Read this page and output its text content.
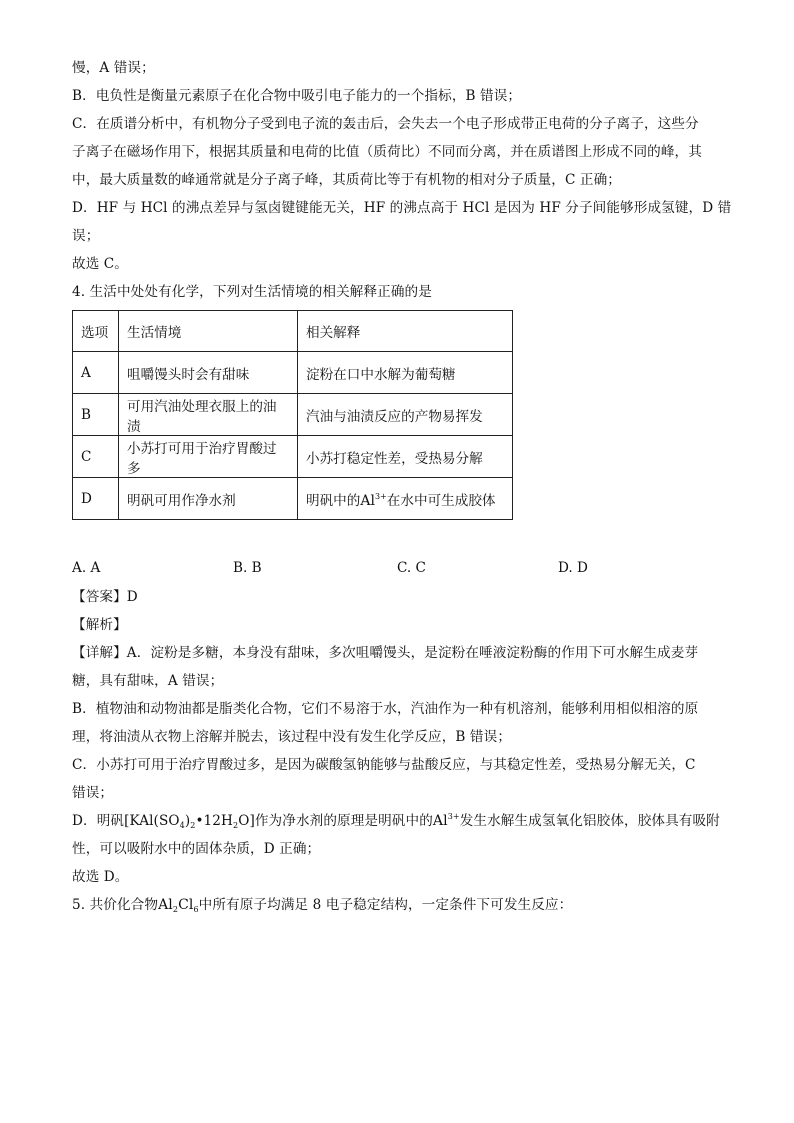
慢，A 错误；
B．电负性是衡量元素原子在化合物中吸引电子能力的一个指标，B 错误；
C．在质谱分析中，有机物分子受到电子流的轰击后，会失去一个电子形成带正电荷的分子离子，这些分
子离子在磁场作用下，根据其质量和电荷的比值（质荷比）不同而分离，并在质谱图上形成不同的峰，其
中，最大质量数的峰通常就是分子离子峰，其质荷比等于有机物的相对分子质量，C 正确；
D．HF 与 HCl 的沸点差异与氢卤键键能无关，HF 的沸点高于 HCl 是因为 HF 分子间能够形成氢键，D 错
误；
故选 C。
4. 生活中处处有化学，下列对生活情境的相关解释正确的是
选项	生活情境	相关解释
A	咀嚼馒头时会有甜味	淀粉在口中水解为葡萄糖
B	可用汽油处理衣服上的油渍	汽油与油渍反应的产物易挥发
C	小苏打可用于治疗胃酸过多	小苏打稳定性差，受热易分解
D	明矾可用作净水剂	明矾中的$Al^{3+}$在水中可生成胶体
A. A	B. B	C. C	D. D
【答案】D
【解析】
【详解】A．淀粉是多糖，本身没有甜味，多次咀嚼馒头，是淀粉在唾液淀粉酶的作用下可水解生成麦芽
糖，具有甜味，A 错误；
B．植物油和动物油都是脂类化合物，它们不易溶于水，汽油作为一种有机溶剂，能够利用相似相溶的原
理，将油渍从衣物上溶解并脱去，该过程中没有发生化学反应，B 错误；
C．小苏打可用于治疗胃酸过多，是因为碳酸氢钠能够与盐酸反应，与其稳定性差，受热易分解无关，C
错误；
D．明矾$[KAl(SO_4)_2•12H_2O]$作为净水剂的原理是明矾中的$Al^{3+}$发生水解生成氢氧化铝胶体，胶体具有吸附
性，可以吸附水中的固体杂质，D 正确；
故选 D。
5. 共价化合物$Al_2Cl_6$中所有原子均满足 8 电子稳定结构，一定条件下可发生反应：
